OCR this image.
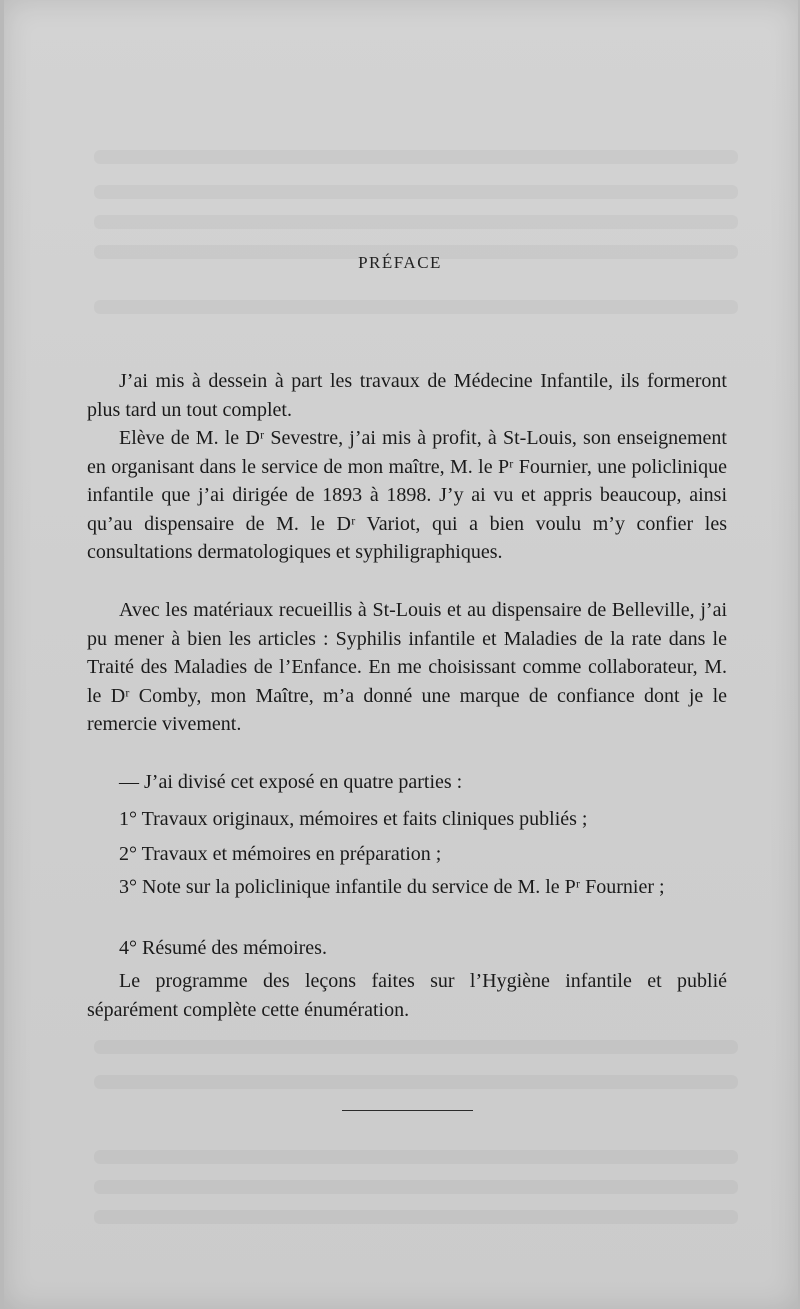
PRÉFACE

J’ai mis à dessein à part les travaux de Médecine Infantile, ils formeront plus tard un tout complet.

Elève de M. le Dʳ Sevestre, j’ai mis à profit, à St-Louis, son enseignement en organisant dans le service de mon maître, M. le Pʳ Fournier, une policlinique infantile que j’ai dirigée de 1893 à 1898. J’y ai vu et appris beaucoup, ainsi qu’au dispensaire de M. le Dʳ Variot, qui a bien voulu m’y confier les consultations dermatologiques et syphiligraphiques.

Avec les matériaux recueillis à St-Louis et au dispensaire de Belleville, j’ai pu mener à bien les articles : Syphilis infantile et Maladies de la rate dans le Traité des Maladies de l’Enfance. En me choisissant comme collaborateur, M. le Dʳ Comby, mon Maître, m’a donné une marque de confiance dont je le remercie vivement.

— J’ai divisé cet exposé en quatre parties :

1° Travaux originaux, mémoires et faits cliniques publiés ;

2° Travaux et mémoires en préparation ;

3° Note sur la policlinique infantile du service de M. le Pʳ Fournier ;

4° Résumé des mémoires.

Le programme des leçons faites sur l’Hygiène infantile et publié séparément complète cette énumération.
